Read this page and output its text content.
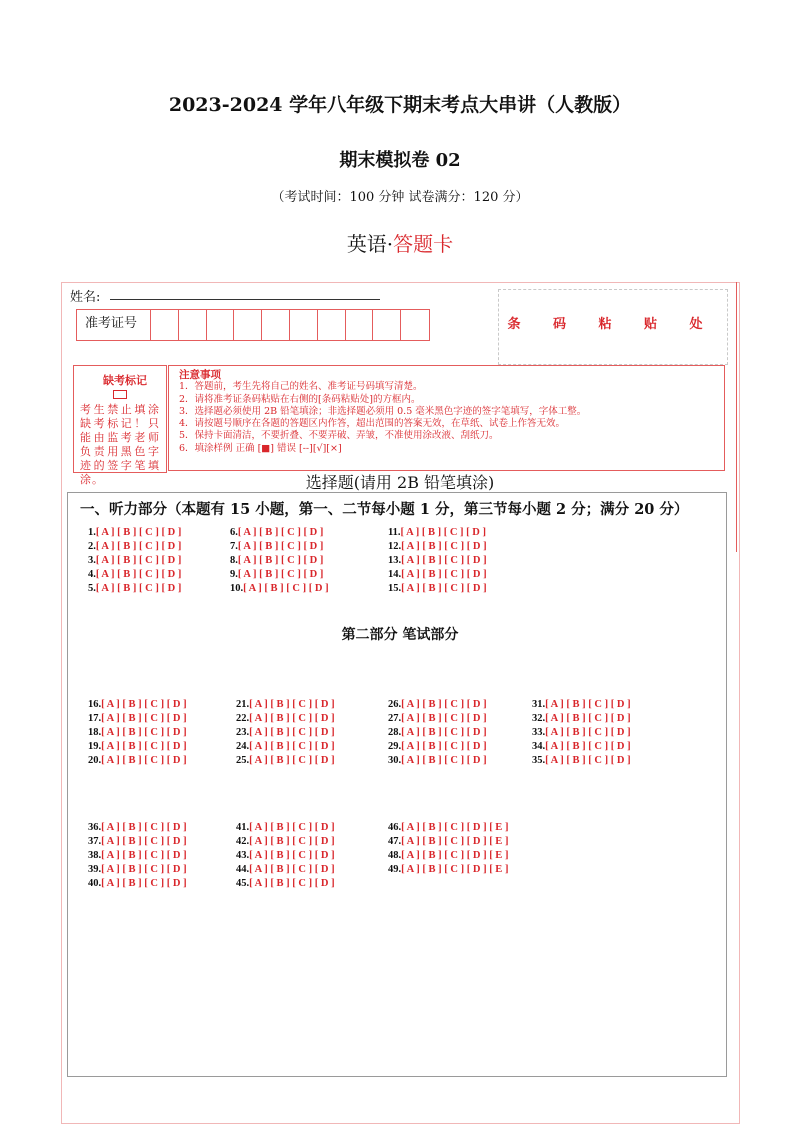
2023-2024 学年八年级下期末考点大串讲（人教版）
期末模拟卷 02
（考试时间：100 分钟 试卷满分：120 分）
英语·答题卡
姓名:
准考证号	条 码 粘 贴 处
缺考标记
考生禁止填涂缺考标记！只能由监考老师负责用黑色字迹的签字笔填涂。
注意事项
1．答题前，考生先将自己的姓名、准考证号码填写清楚。
2．请将准考证条码粘贴在右侧的[条码粘贴处]的方框内。
3．选择题必须使用 2B 铅笔填涂；非选择题必须用 0.5 毫米黑色字迹的签字笔填写，字体工整。
4．请按题号顺序在各题的答题区内作答，超出范围的答案无效，在草纸、试卷上作答无效。
5．保持卡面清洁，不要折叠、不要弄破、弄皱，不准使用涂改液、刮纸刀。
6．填涂样例 正确 [■] 错误 [--][√][×]
选择题(请用 2B 铅笔填涂)
一、听力部分（本题有 15 小题，第一、二节每小题 1 分，第三节每小题 2 分；满分 20 分）
第二部分 笔试部分
1.[ A ] [ B ] [ C ] [ D ]
2.[ A ] [ B ] [ C ] [ D ]
3.[ A ] [ B ] [ C ] [ D ]
4.[ A ] [ B ] [ C ] [ D ]
5.[ A ] [ B ] [ C ] [ D ]
6.[ A ] [ B ] [ C ] [ D ]
7.[ A ] [ B ] [ C ] [ D ]
8.[ A ] [ B ] [ C ] [ D ]
9.[ A ] [ B ] [ C ] [ D ]
10.[ A ] [ B ] [ C ] [ D ]
11.[ A ] [ B ] [ C ] [ D ]
12.[ A ] [ B ] [ C ] [ D ]
13.[ A ] [ B ] [ C ] [ D ]
14.[ A ] [ B ] [ C ] [ D ]
15.[ A ] [ B ] [ C ] [ D ]
16.[ A ] [ B ] [ C ] [ D ]
17.[ A ] [ B ] [ C ] [ D ]
18.[ A ] [ B ] [ C ] [ D ]
19.[ A ] [ B ] [ C ] [ D ]
20.[ A ] [ B ] [ C ] [ D ]
21.[ A ] [ B ] [ C ] [ D ]
22.[ A ] [ B ] [ C ] [ D ]
23.[ A ] [ B ] [ C ] [ D ]
24.[ A ] [ B ] [ C ] [ D ]
25.[ A ] [ B ] [ C ] [ D ]
26.[ A ] [ B ] [ C ] [ D ]
27.[ A ] [ B ] [ C ] [ D ]
28.[ A ] [ B ] [ C ] [ D ]
29.[ A ] [ B ] [ C ] [ D ]
30.[ A ] [ B ] [ C ] [ D ]
31.[ A ] [ B ] [ C ] [ D ]
32.[ A ] [ B ] [ C ] [ D ]
33.[ A ] [ B ] [ C ] [ D ]
34.[ A ] [ B ] [ C ] [ D ]
35.[ A ] [ B ] [ C ] [ D ]
36.[ A ] [ B ] [ C ] [ D ]
37.[ A ] [ B ] [ C ] [ D ]
38.[ A ] [ B ] [ C ] [ D ]
39.[ A ] [ B ] [ C ] [ D ]
40.[ A ] [ B ] [ C ] [ D ]
41.[ A ] [ B ] [ C ] [ D ]
42.[ A ] [ B ] [ C ] [ D ]
43.[ A ] [ B ] [ C ] [ D ]
44.[ A ] [ B ] [ C ] [ D ]
45.[ A ] [ B ] [ C ] [ D ]
46.[ A ] [ B ] [ C ] [ D ] [ E ]
47.[ A ] [ B ] [ C ] [ D ] [ E ]
48.[ A ] [ B ] [ C ] [ D ] [ E ]
49.[ A ] [ B ] [ C ] [ D ] [ E ]
